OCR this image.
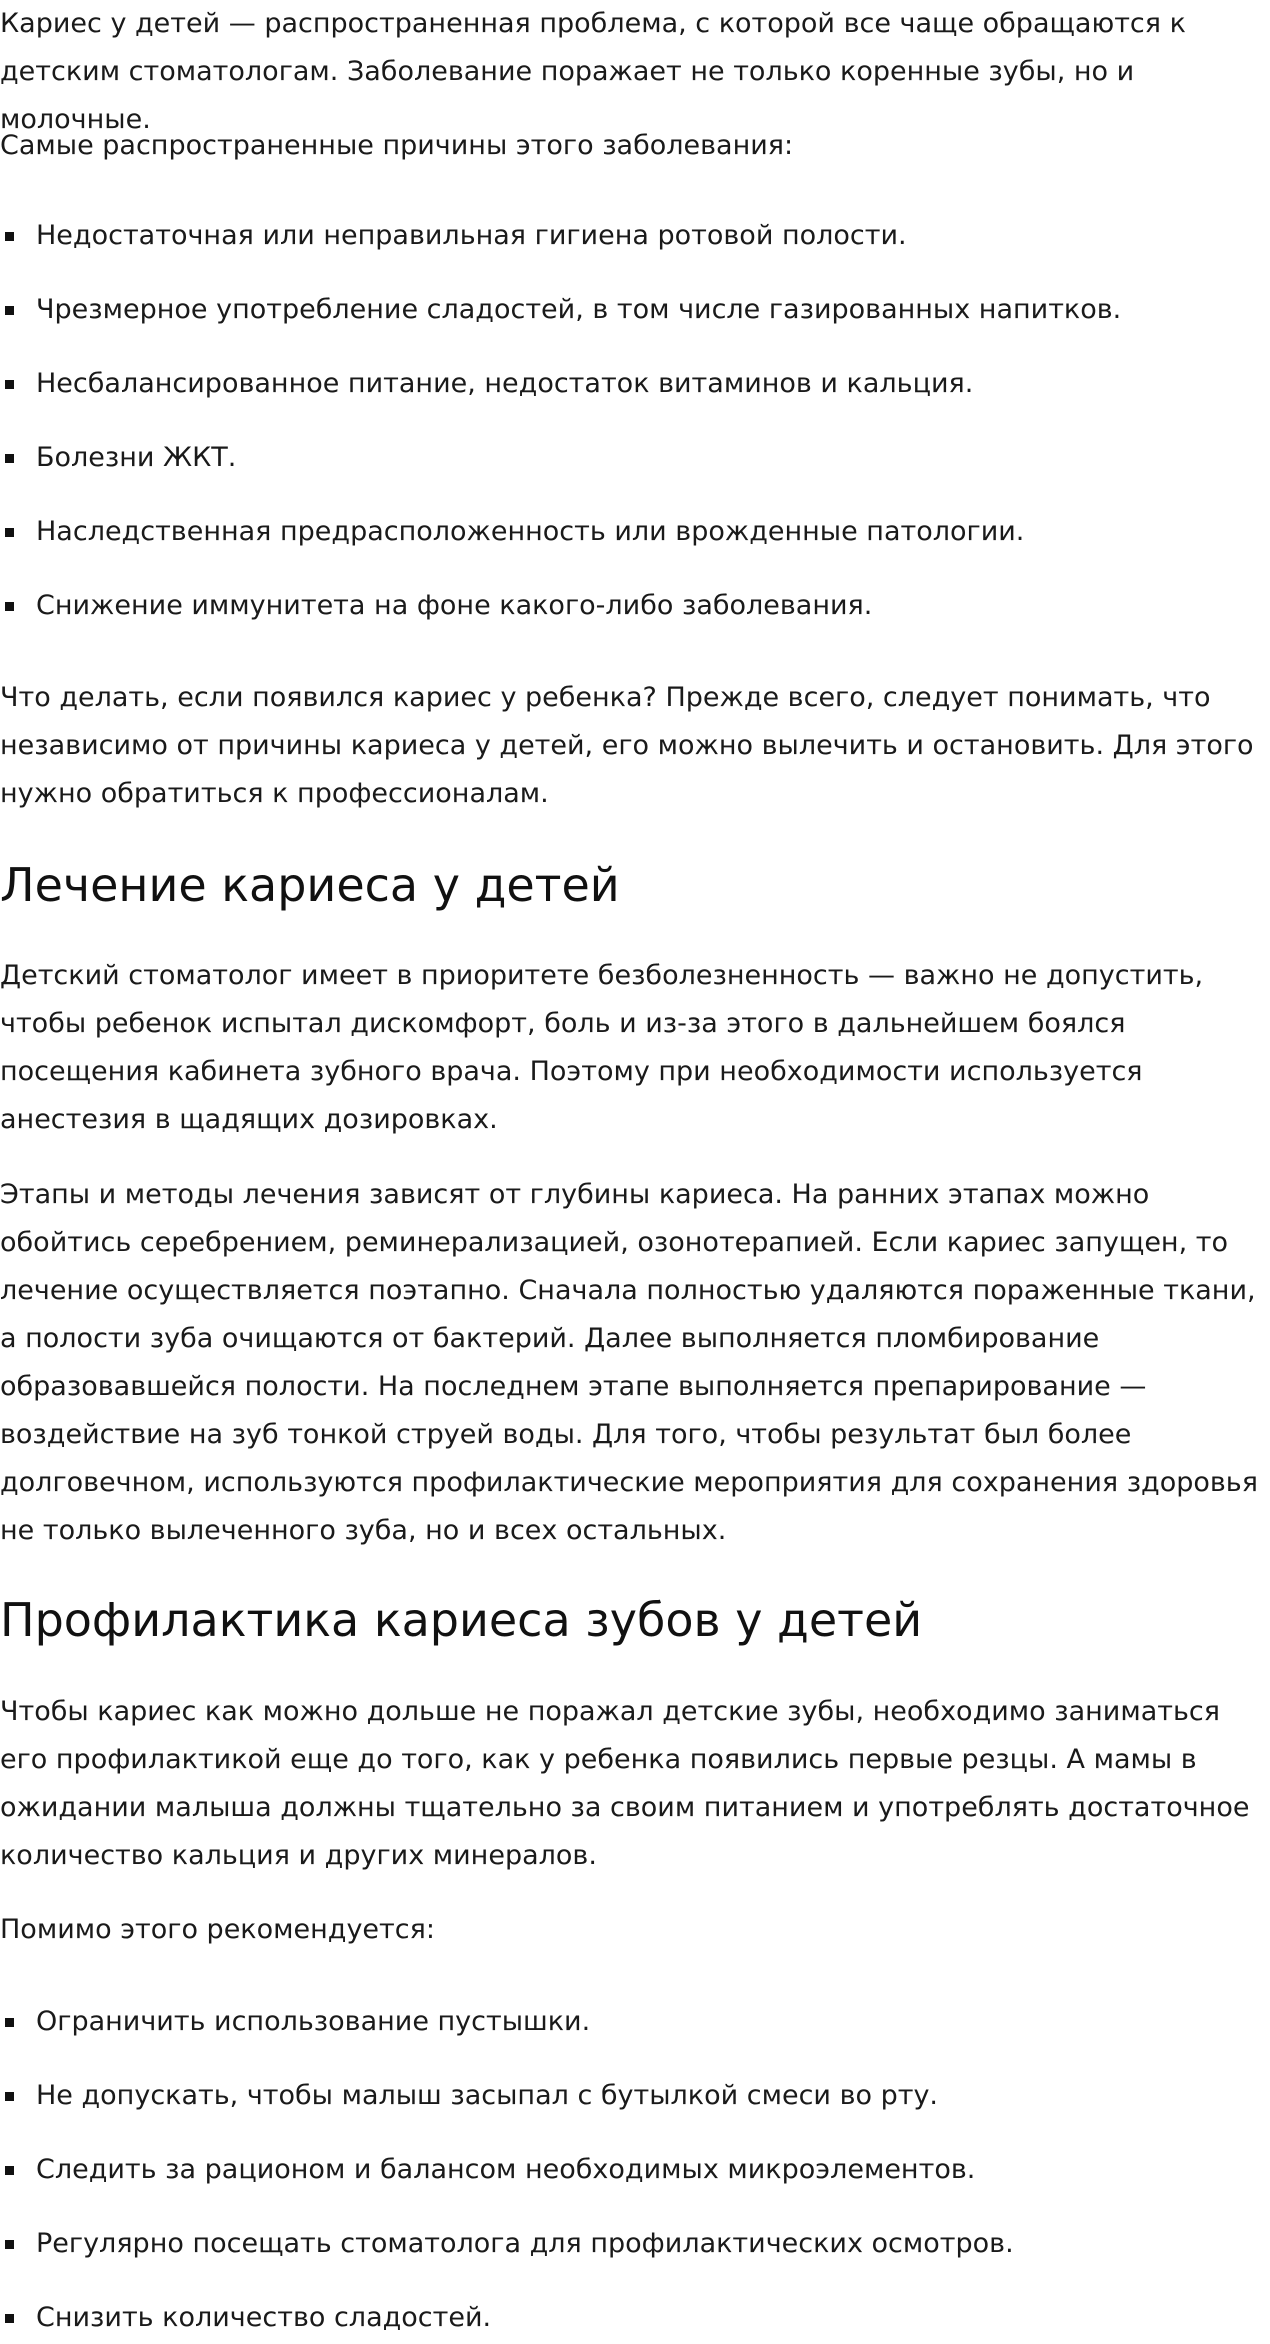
Кариес у детей — распространенная проблема, с которой все чаще обращаются к детским стоматологам. Заболевание поражает не только коренные зубы, но и молочные.

Самые распространенные причины этого заболевания:

Недостаточная или неправильная гигиена ротовой полости.
Чрезмерное употребление сладостей, в том числе газированных напитков.
Несбалансированное питание, недостаток витаминов и кальция.
Болезни ЖКТ.
Наследственная предрасположенность или врожденные патологии.
Снижение иммунитета на фоне какого-либо заболевания.

Что делать, если появился кариес у ребенка? Прежде всего, следует понимать, что независимо от причины кариеса у детей, его можно вылечить и остановить. Для этого нужно обратиться к профессионалам.

Лечение кариеса у детей

Детский стоматолог имеет в приоритете безболезненность — важно не допустить, чтобы ребенок испытал дискомфорт, боль и из-за этого в дальнейшем боялся посещения кабинета зубного врача. Поэтому при необходимости используется анестезия в щадящих дозировках.

Этапы и методы лечения зависят от глубины кариеса. На ранних этапах можно обойтись серебрением, реминерализацией, озонотерапией. Если кариес запущен, то лечение осуществляется поэтапно. Сначала полностью удаляются пораженные ткани, а полости зуба очищаются от бактерий. Далее выполняется пломбирование образовавшейся полости. На последнем этапе выполняется препарирование — воздействие на зуб тонкой струей воды. Для того, чтобы результат был более долговечном, используются профилактические мероприятия для сохранения здоровья не только вылеченного зуба, но и всех остальных.

Профилактика кариеса зубов у детей

Чтобы кариес как можно дольше не поражал детские зубы, необходимо заниматься его профилактикой еще до того, как у ребенка появились первые резцы. А мамы в ожидании малыша должны тщательно за своим питанием и употреблять достаточное количество кальция и других минералов.

Помимо этого рекомендуется:

Ограничить использование пустышки.
Не допускать, чтобы малыш засыпал с бутылкой смеси во рту.
Следить за рационом и балансом необходимых микроэлементов.
Регулярно посещать стоматолога для профилактических осмотров.
Снизить количество сладостей.
